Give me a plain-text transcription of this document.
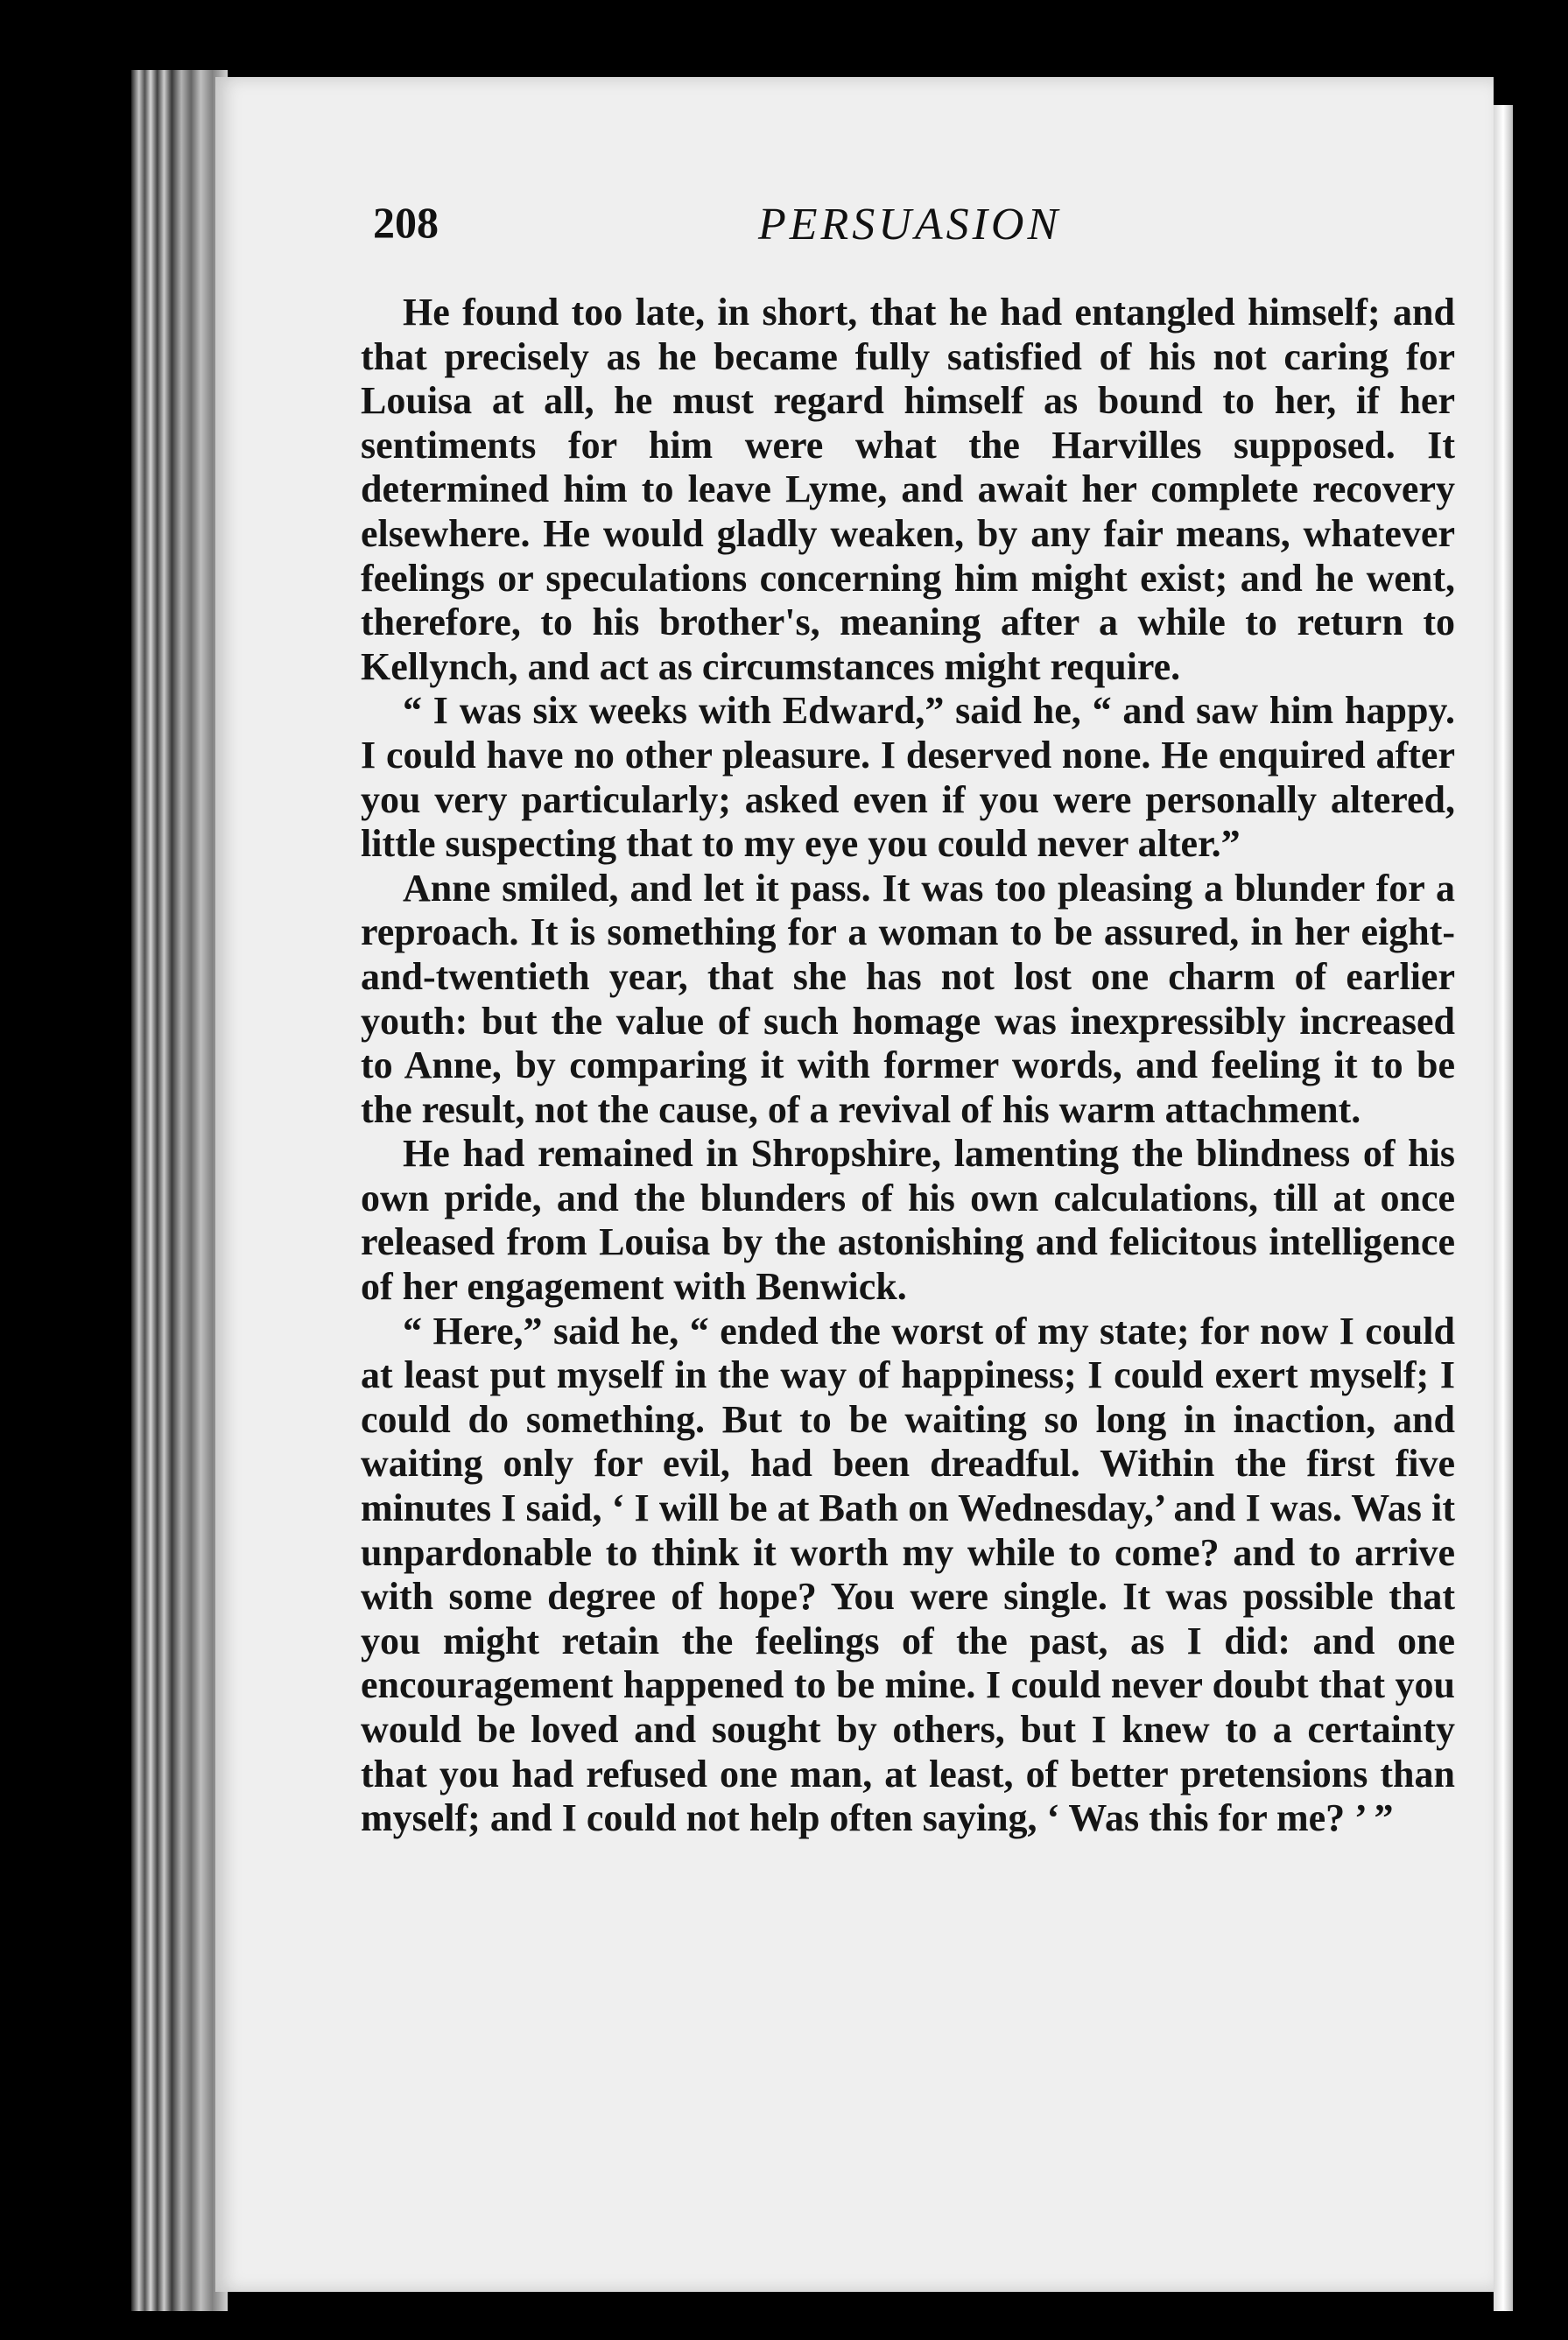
208	PERSUASION

He found too late, in short, that he had entangled himself; and that precisely as he became fully satisfied of his not caring for Louisa at all, he must regard himself as bound to her, if her sentiments for him were what the Harvilles supposed. It determined him to leave Lyme, and await her complete recovery elsewhere. He would gladly weaken, by any fair means, whatever feelings or speculations concerning him might exist; and he went, therefore, to his brother's, meaning after a while to return to Kellynch, and act as circumstances might require.

“ I was six weeks with Edward,” said he, “ and saw him happy. I could have no other pleasure. I deserved none. He enquired after you very particularly; asked even if you were personally altered, little suspecting that to my eye you could never alter.”

Anne smiled, and let it pass. It was too pleasing a blunder for a reproach. It is something for a woman to be assured, in her eight-and-twentieth year, that she has not lost one charm of earlier youth: but the value of such homage was inexpressibly increased to Anne, by comparing it with former words, and feeling it to be the result, not the cause, of a revival of his warm attachment.

He had remained in Shropshire, lamenting the blindness of his own pride, and the blunders of his own calculations, till at once released from Louisa by the astonishing and felicitous intelligence of her engagement with Benwick.

“ Here,” said he, “ ended the worst of my state; for now I could at least put myself in the way of happiness; I could exert myself; I could do something. But to be waiting so long in inaction, and waiting only for evil, had been dreadful. Within the first five minutes I said, ‘ I will be at Bath on Wednesday,’ and I was. Was it unpardonable to think it worth my while to come? and to arrive with some degree of hope? You were single. It was possible that you might retain the feelings of the past, as I did: and one encouragement happened to be mine. I could never doubt that you would be loved and sought by others, but I knew to a certainty that you had refused one man, at least, of better pretensions than myself; and I could not help often saying, ‘ Was this for me? ’ ”
